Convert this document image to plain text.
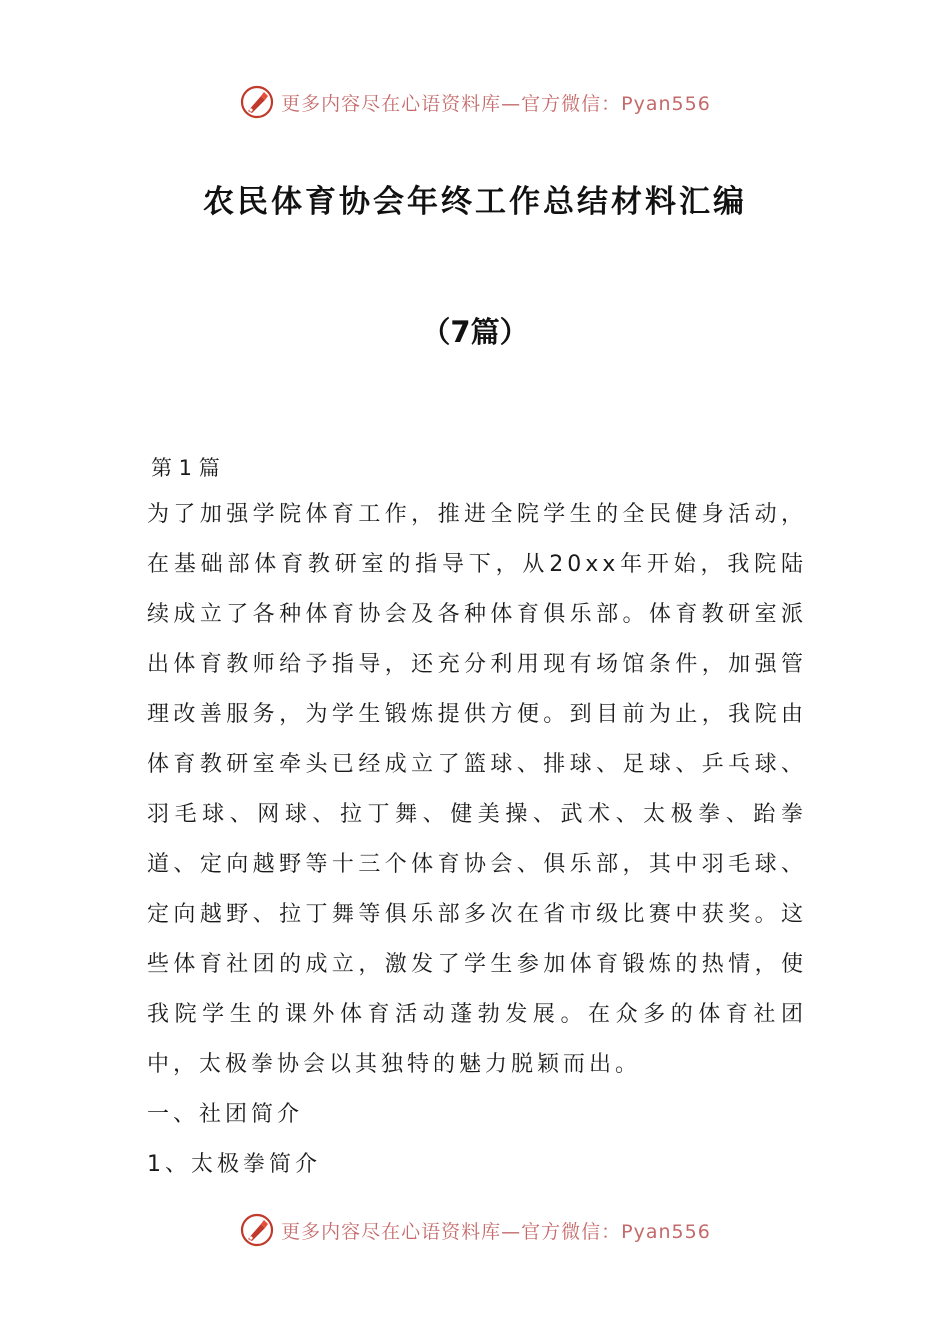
更多内容尽在心语资料库—官方微信：Pyan556
农民体育协会年终工作总结材料汇编
（7篇）
第 1 篇

为了加强学院体育工作，推进全院学生的全民健身活动，在基础部体育教研室的指导下，从20xx年开始，我院陆续成立了各种体育协会及各种体育俱乐部。体育教研室派出体育教师给予指导，还充分利用现有场馆条件，加强管理改善服务，为学生锻炼提供方便。到目前为止，我院由体育教研室牵头已经成立了篮球、排球、足球、乒乓球、羽毛球、网球、拉丁舞、健美操、武术、太极拳、跆拳道、定向越野等十三个体育协会、俱乐部，其中羽毛球、定向越野、拉丁舞等俱乐部多次在省市级比赛中获奖。这些体育社团的成立，激发了学生参加体育锻炼的热情，使我院学生的课外体育活动蓬勃发展。在众多的体育社团中，太极拳协会以其独特的魅力脱颖而出。

一、社团简介
1、太极拳简介
更多内容尽在心语资料库—官方微信：Pyan556
